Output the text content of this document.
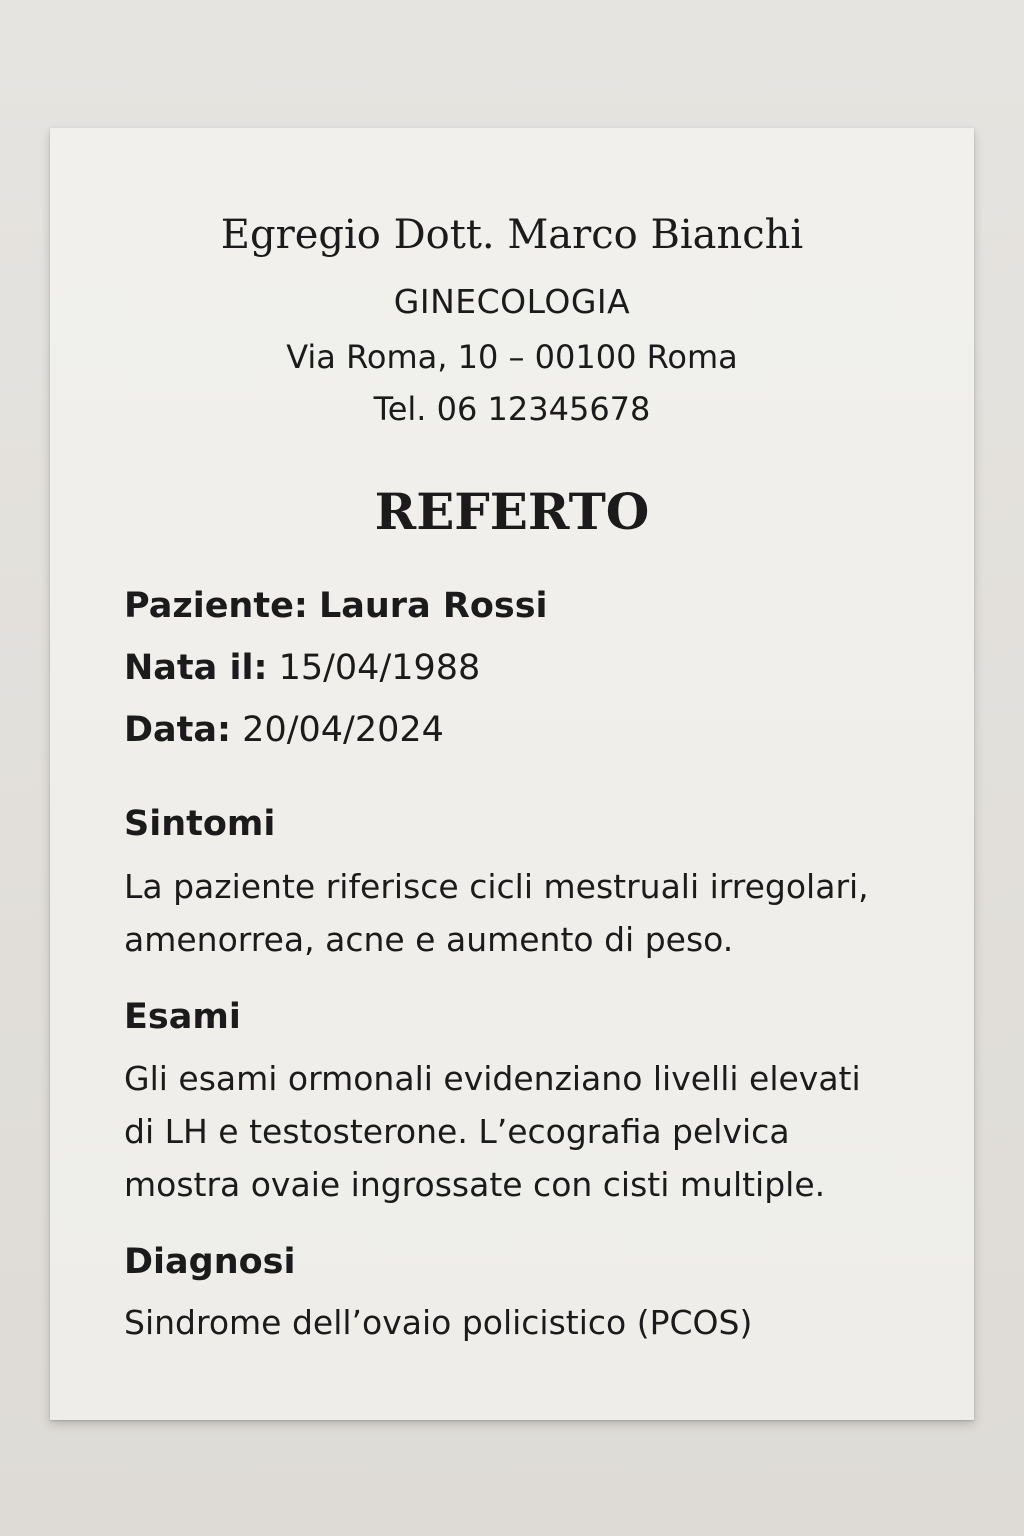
Egregio Dott. Marco Bianchi
GINECOLOGIA
Via Roma, 10 – 00100 Roma
Tel. 06 12345678
REFERTO
Paziente: Laura Rossi
Nata il: 15/04/1988
Data: 20/04/2024
Sintomi
La paziente riferisce cicli mestruali irregolari, amenorrea, acne e aumento di peso.
Esami
Gli esami ormonali evidenziano livelli elevati di LH e testosterone. L’ecografia pelvica mostra ovaie ingrossate con cisti multiple.
Diagnosi
Sindrome dell’ovaio policistico (PCOS)
